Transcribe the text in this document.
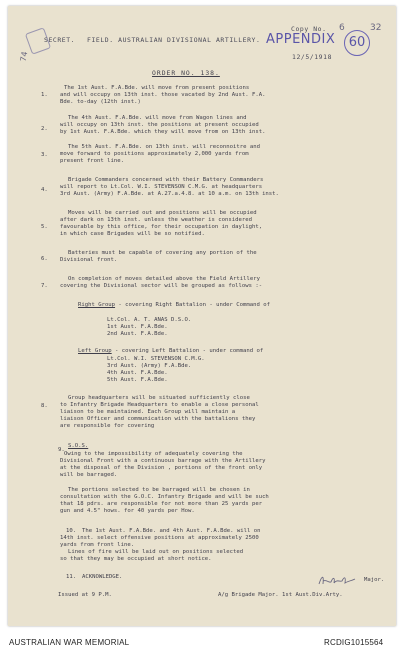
74
SECRET. FIELD. AUSTRALIAN DIVISIONAL ARTILLERY.
Copy No. 6	32
APPENDIX	60
12/5/1918
ORDER NO. 138.
1.
The 1st Aust. F.A.Bde. will move from present positions
and will occupy on 13th inst. those vacated by 2nd Aust. F.A.
Bde. to-day (12th inst.)
2.
The 4th Aust. F.A.Bde. will move from Wagon lines and
will occupy on 13th inst. the positions at present occupied
by 1st Aust. F.A.Bde. which they will move from on 13th inst.
3.
The 5th Aust. F.A.Bde. on 13th inst. will reconnoitre and
move forward to positions approximately 2,000 yards from
present front line.
4.
Brigade Commanders concerned with their Battery Commanders
will report to Lt.Col. W.I. STEVENSON C.M.G. at headquarters
3rd Aust. (Army) F.A.Bde. at A.27.a.4.8. at 10 a.m. on 13th inst.
5.
Moves will be carried out and positions will be occupied
after dark on 13th inst. unless the weather is considered
favourable by this office, for their occupation in daylight,
in which case Brigades will be so notified.
6.
Batteries must be capable of covering any portion of the
Divisional front.
7.
On completion of moves detailed above the Field Artillery
covering the Divisional sector will be grouped as follows :-
Right Group - covering Right Battalion - under Command of
Lt.Col. A. T. ANAS D.S.O.
1st Aust. F.A.Bde.
2nd Aust. F.A.Bde.
Left Group - covering Left Battalion - under command of
Lt.Col. W.I. STEVENSON C.M.G.
3rd Aust. (Army) F.A.Bde.
4th Aust. F.A.Bde.
5th Aust. F.A.Bde.
8.
Group headquarters will be situated sufficiently close
to Infantry Brigade Headquarters to enable a close personal
liaison to be maintained. Each Group will maintain a
liaison Officer and communication with the battalions they
are responsible for covering
9.
S.O.S.
Owing to the impossibility of adequately covering the
Divisional Front with a continuous barrage with the Artillery
at the disposal of the Division , portions of the front only
will be barraged.
The portions selected to be barraged will be chosen in
consultation with the G.O.C. Infantry Brigade and will be such
that 18 pdrs. are responsible for not more than 25 yards per
gun and 4.5" hows. for 40 yards per How.
10. The 1st Aust. F.A.Bde. and 4th Aust. F.A.Bde. will on
14th inst. select offensive positions at approximately 2500
yards from front line.
Lines of fire will be laid out on positions selected
so that they may be occupied at short notice.
11. ACKNOWLEDGE.
Issued at 9 P.M.
Major.
A/g Brigade Major. 1st Aust.Div.Arty.
AUSTRALIAN WAR MEMORIAL	RCDIG1015564
